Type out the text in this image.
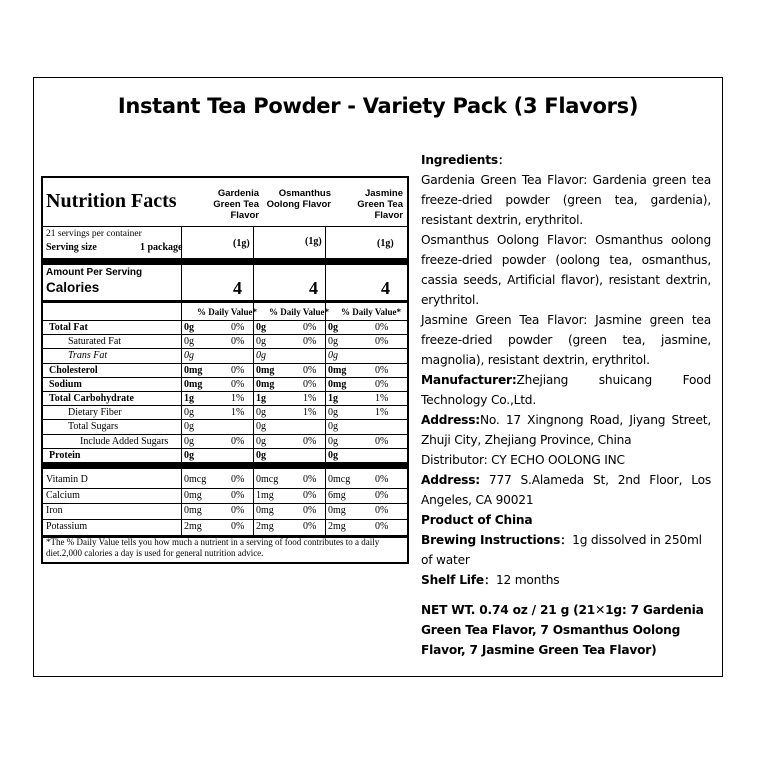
Instant Tea Powder - Variety Pack (3 Flavors)
Nutrition Facts	Gardenia Green Tea Flavor
Osmanthus Oolong Flavor
Jasmine Green Tea Flavor
21 servings per container
Serving size	1 package	(1g)	(1g)	(1g)
Amount Per Serving
Calories	4	4	4
% Daily Value* % Daily Value* % Daily Value*
Total Fat	0g	0% 0g	0% 0g	0%
Saturated Fat	0g	0% 0g	0% 0g	0%
Trans Fat	0g	0g	0g
Cholesterol	0mg	0% 0mg	0% 0mg	0%
Sodium	0mg	0% 0mg	0% 0mg	0%
Total Carbohydrate	1g	1% 1g	1% 1g	1%
Dietary Fiber	0g	1% 0g	1% 0g	1%
Total Sugars	0g	0g	0g
Include Added Sugars 0g	0% 0g	0% 0g	0%
Protein	0g	0g	0g
Vitamin D	0mcg 0% 0mcg 0% 0mcg 0%
Calcium	0mg	0% 1mg	0% 6mg	0%
Iron	0mg	0% 0mg	0% 0mg	0%
Potassium	2mg	0% 2mg	0% 2mg	0%
*The % Daily Value tells you how much a nutrient in a serving of food contributes to a daily diet.2,000 calories a day is used for general nutrition advice.

Ingredients：

Gardenia Green Tea Flavor: Gardenia green tea freeze-dried powder (green tea, gardenia), resistant dextrin, erythritol.

Osmanthus Oolong Flavor: Osmanthus oolong freeze-dried powder (oolong tea, osmanthus, cassia seeds, Artificial flavor), resistant dextrin, erythritol.

Jasmine Green Tea Flavor: Jasmine green tea freeze-dried powder (green tea, jasmine, magnolia), resistant dextrin, erythritol.

Manufacturer:Zhejiang shuicang Food Technology Co.,Ltd.

Address:No. 17 Xingnong Road, Jiyang Street, Zhuji City, Zhejiang Province, China

Distributor: CY ECHO OOLONG INC

Address: 777 S.Alameda St, 2nd Floor, Los Angeles, CA 90021

Product of China

Brewing Instructions：1g dissolved in 250ml of water

Shelf Life：12 months

NET WT. 0.74 oz / 21 g (21✕1g: 7 Gardenia Green Tea Flavor, 7 Osmanthus Oolong Flavor, 7 Jasmine Green Tea Flavor)
